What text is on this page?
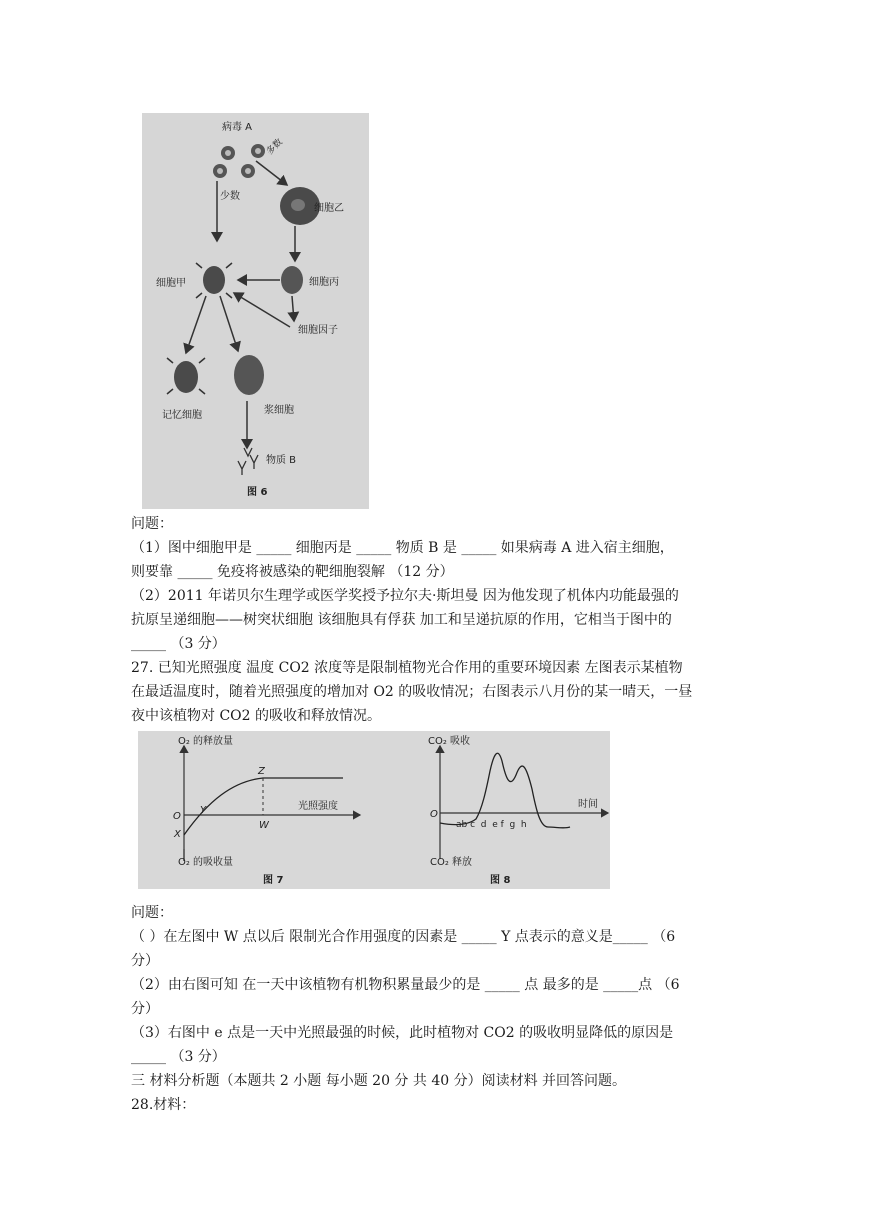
病毒 A
多数
少数
细胞乙
细胞甲	细胞丙
细胞因子
记忆细胞	浆细胞
物质 B
图 6
问题：
（1）图中细胞甲是 _____ 细胞丙是 _____ 物质 B 是 _____ 如果病毒 A 进入宿主细胞，
则要靠 _____ 免疫将被感染的靶细胞裂解 （12 分）
（2）2011 年诺贝尔生理学或医学奖授予拉尔夫·斯坦曼 因为他发现了机体内功能最强的
抗原呈递细胞——树突状细胞 该细胞具有俘获 加工和呈递抗原的作用，它相当于图中的
_____ （3 分）
27. 已知光照强度 温度 CO2 浓度等是限制植物光合作用的重要环境因素 左图表示某植物
在最适温度时，随着光照强度的增加对 O2 的吸收情况；右图表示八月份的某一晴天，一昼
夜中该植物对 CO2 的吸收和释放情况。
O₂ 的释放量
O₂ 的吸收量
光照强度
O
X
Y
Z
W
图 7
CO₂ 吸收
CO₂ 释放
时间
O
ab c  d  e f  g  h
图 8
问题：
（ ）在左图中 W 点以后 限制光合作用强度的因素是 _____ Y 点表示的意义是_____ （6
分）
（2）由右图可知 在一天中该植物有机物积累量最少的是 _____ 点 最多的是 _____点 （6
分）
（3）右图中 e 点是一天中光照最强的时候，此时植物对 CO2 的吸收明显降低的原因是
_____ （3 分）
三 材料分析题（本题共 2 小题 每小题 20 分 共 40 分）阅读材料 并回答问题。
28.材料：
